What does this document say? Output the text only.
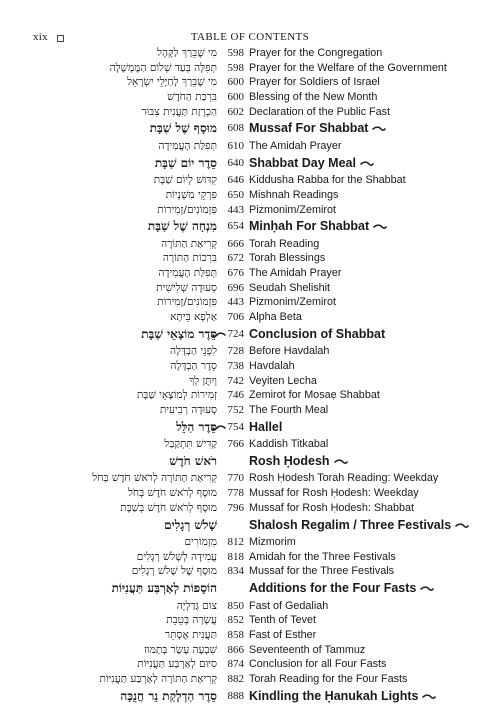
xix	TABLE OF CONTENTS
מִי שֶׁבֵּרַךְ לַקָּהָל 598 Prayer for the Congregation
תְּפִלָּה בְּעַד שְׁלוֹם הַמֶּמְשָׁלָה 598 Prayer for the Welfare of the Government
מִי שֶׁבֵּרַךְ לְחַיָּלֵי יִשְׂרָאֵל 600 Prayer for Soldiers of Israel
בִּרְכַּת הַחֹדֶשׁ 600 Blessing of the New Month
הַכְרָזַת תַּעֲנִית צִבּוּר 602 Declaration of the Public Fast
מוּסָף שֶׁל שַׁבָּת 608 Mussaf For Shabbat
תְּפִלַּת הָעֲמִידָה 610 The Amidah Prayer
סֵדֶר יוֹם שַׁבָּת 640 Shabbat Day Meal
קִדּוּשׁ לְיוֹם שַׁבָּת 646 Kiddusha Rabba for the Shabbat
פִּרְקֵי מִשְׁנָיוֹת 650 Mishnah Readings
פִּזְמוֹנִים/זְמִירוֹת 443 Pizmonim/Zemirot
מִנְחָה שֶׁל שַׁבָּת 654 Minḥah For Shabbat
קְרִיאַת הַתּוֹרָה 666 Torah Reading
בִּרְכוֹת הַתּוֹרָה 672 Torah Blessings
תְּפִלַּת הָעֲמִידָה 676 The Amidah Prayer
סְעוּדָה שְׁלִישִׁית 696 Seudah Shelishit
פִּזְמוֹנִים/זְמִירוֹת 443 Pizmonim/Zemirot
אַלְפָא בֵּיתָא 706 Alpha Beta
סֵדֶר מוֹצָאֵי שַׁבָּת 724 Conclusion of Shabbat
לִפְנֵי הַבְדָּלָה 728 Before Havdalah
סֵדֶר הַבְדָּלָה 738 Havdalah
וְיִתֶּן לְךָ 742 Veyiten Lecha
זְמִירוֹת לְמוֹצָאֵי שַׁבָּת 746 Zemirot for Mosaẹ Shabbat
סְעוּדָה רְבִיעִית 752 The Fourth Meal
סֵדֶר הַלֵּל 754 Hallel
קַדִּישׁ תִּתְקַבַּל 766 Kaddish Titkabal
רֹאשׁ חֹדֶשׁ	Rosh Ḥodesh
קְרִיאַת הַתּוֹרָה לְרֹאשׁ חֹדֶשׁ בְּחֹל 770 Rosh Ḥodesh Torah Reading: Weekday
מוּסָף לְרֹאשׁ חֹדֶשׁ בְּחֹל 778 Mussaf for Rosh Ḥodesh: Weekday
מוּסָף לְרֹאשׁ חֹדֶשׁ בְּשַׁבָּת 796 Mussaf for Rosh Ḥodesh: Shabbat
שָׁלֹשׁ רְגָלִים	Shalosh Regalim / Three Festivals
מִזְמוֹרִים 812 Mizmorim
עֲמִידָה לְשָׁלֹשׁ רְגָלִים 818 Amidah for the Three Festivals
מוּסָף שֶׁל שָׁלֹשׁ רְגָלִים 834 Mussaf for the Three Festivals
הוֹסָפוֹת לְאַרְבַּע תַּעֲנִיּוֹת	Additions for the Four Fasts
צוֹם גְּדַלְיָה 850 Fast of Gedaliah
עֲשָׂרָה בְּטֵבֵת 852 Tenth of Tevet
תַּעֲנִית אֶסְתֵּר 858 Fast of Esther
שִׁבְעָה עָשָׂר בְּתַמּוּז 866 Seventeenth of Tammuz
סִיּוּם לְאַרְבַּע תַּעֲנִיּוֹת 874 Conclusion for all Four Fasts
קְרִיאַת הַתּוֹרָה לְאַרְבַּע תַּעֲנִיּוֹת 882 Torah Reading for the Four Fasts
סֵדֶר הַדְלָקַת נֵר חֲנֻכָּה 888 Kindling the Ḥanukah Lights
